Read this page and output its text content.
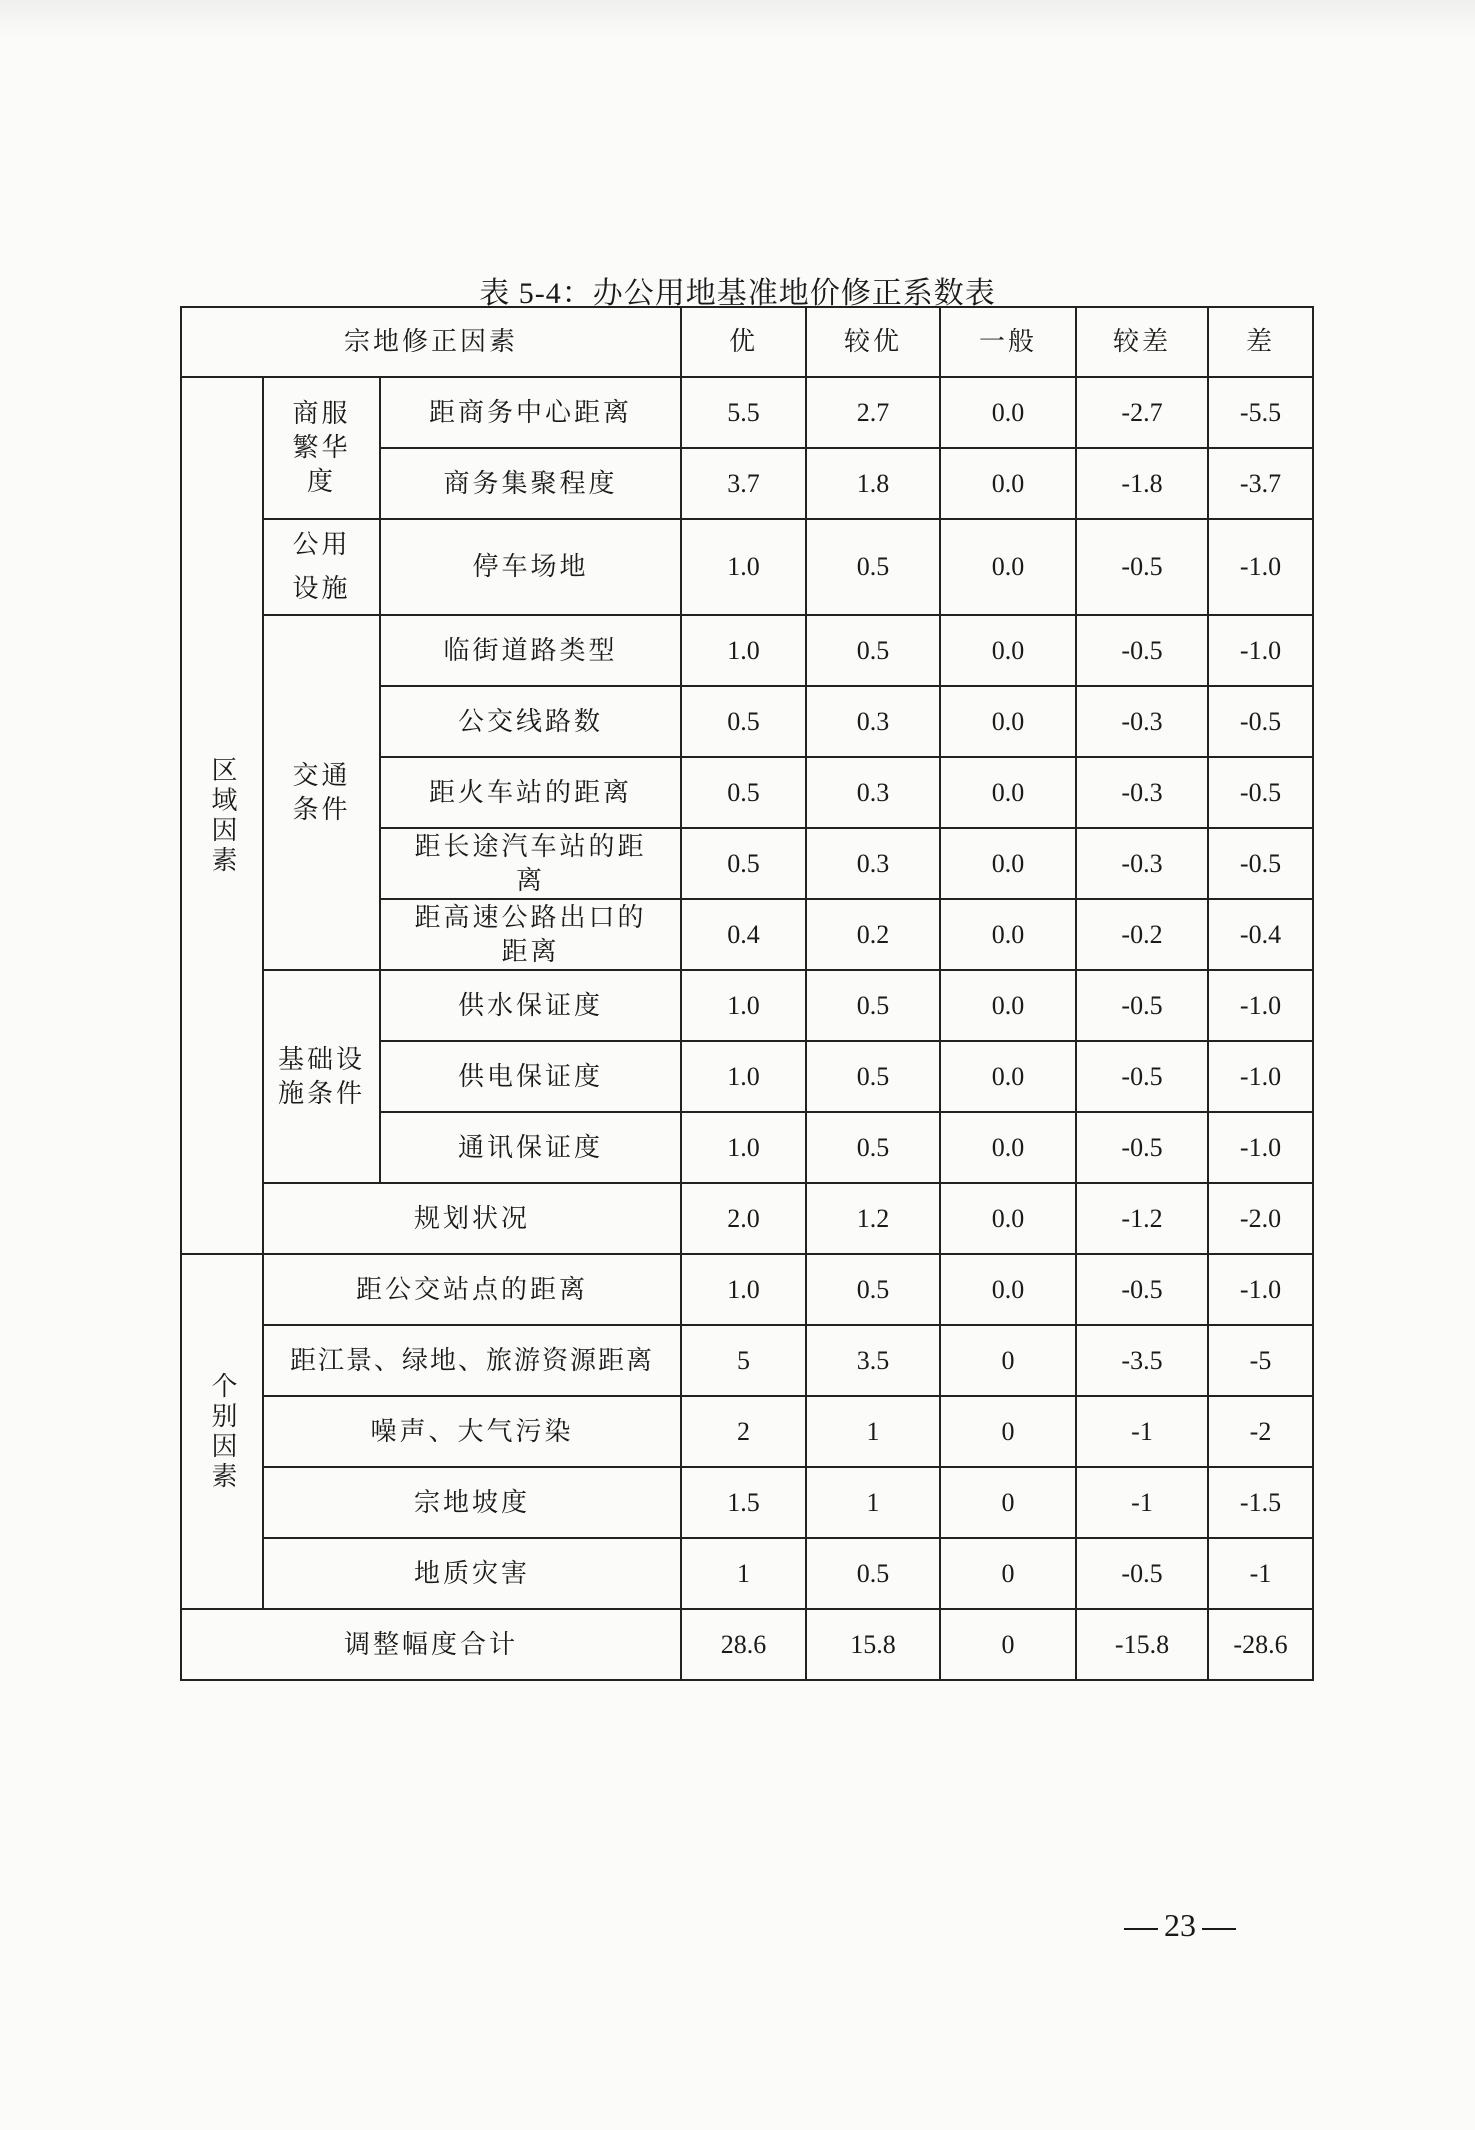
表 5-4：办公用地基准地价修正系数表
宗地修正因素			优	较优	一般	较差	差

区域因素	商服繁华度	距商务中心距离	5.5	2.7	0.0	-2.7	-5.5
		商务集聚程度	3.7	1.8	0.0	-1.8	-3.7
	公用设施	停车场地	1.0	0.5	0.0	-0.5	-1.0
	交通条件	临街道路类型	1.0	0.5	0.0	-0.5	-1.0
		公交线路数	0.5	0.3	0.0	-0.3	-0.5
		距火车站的距离	0.5	0.3	0.0	-0.3	-0.5
		距长途汽车站的距离	0.5	0.3	0.0	-0.3	-0.5
		距高速公路出口的距离	0.4	0.2	0.0	-0.2	-0.4
	基础设施条件	供水保证度	1.0	0.5	0.0	-0.5	-1.0
		供电保证度	1.0	0.5	0.0	-0.5	-1.0
		通讯保证度	1.0	0.5	0.0	-0.5	-1.0
	规划状况		2.0	1.2	0.0	-1.2	-2.0

个别因素	距公交站点的距离		1.0	0.5	0.0	-0.5	-1.0
	距江景、绿地、旅游资源距离		5	3.5	0	-3.5	-5
	噪声、大气污染		2	1	0	-1	-2
	宗地坡度		1.5	1	0	-1	-1.5
	地质灾害		1	0.5	0	-0.5	-1
调整幅度合计			28.6	15.8	0	-15.8	-28.6
23
